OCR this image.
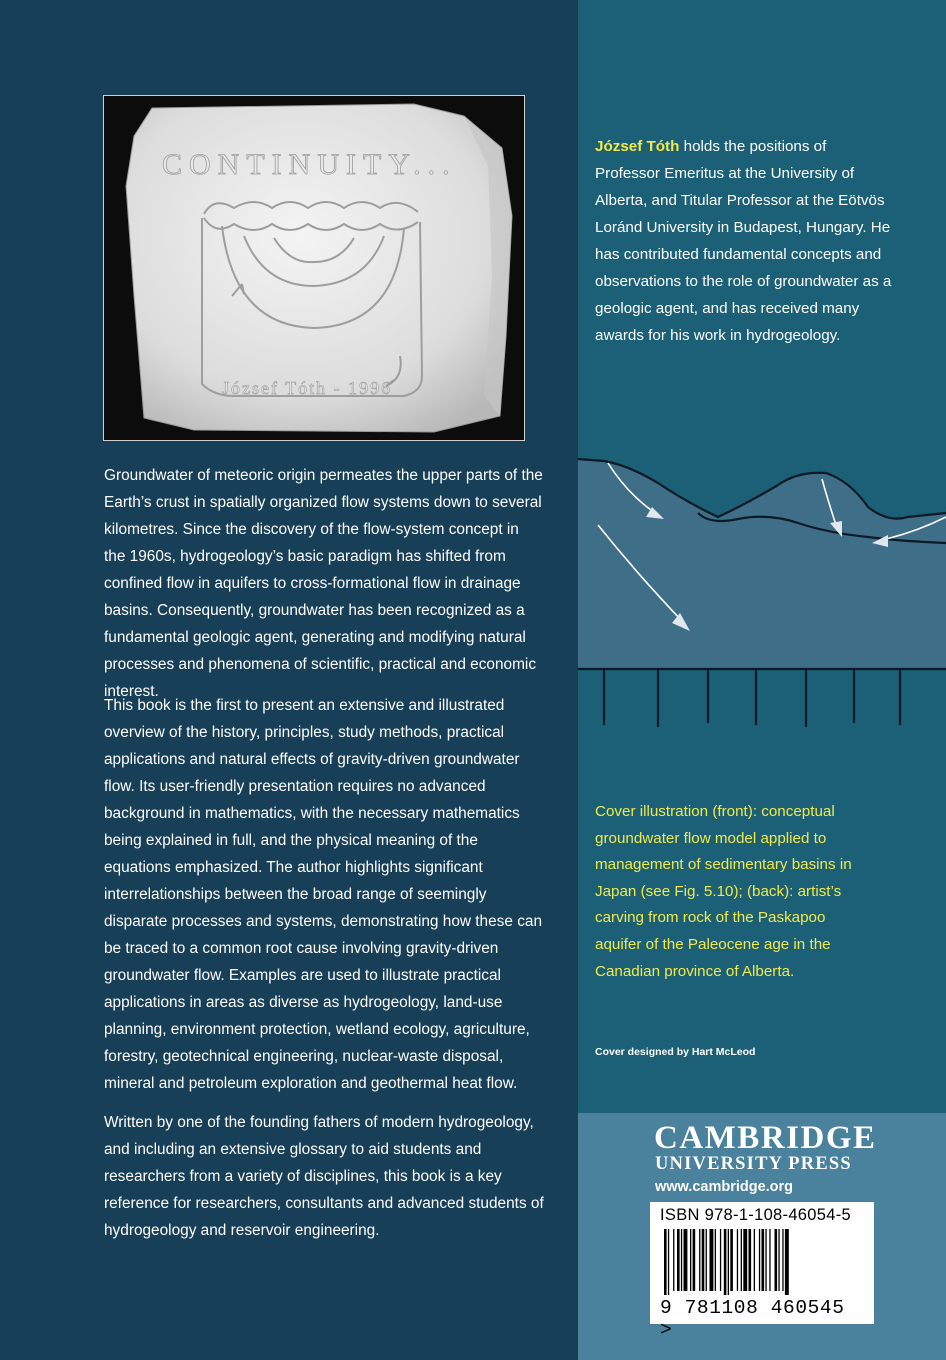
CONTINUITY...
József Tóth - 1996

Groundwater of meteoric origin permeates the upper parts of the Earth’s crust in spatially organized flow systems down to several kilometres. Since the discovery of the flow-system concept in the 1960s, hydrogeology’s basic paradigm has shifted from confined flow in aquifers to cross-formational flow in drainage basins. Consequently, groundwater has been recognized as a fundamental geologic agent, generating and modifying natural processes and phenomena of scientific, practical and economic interest.

This book is the first to present an extensive and illustrated overview of the history, principles, study methods, practical applications and natural effects of gravity-driven groundwater flow. Its user-friendly presentation requires no advanced background in mathematics, with the necessary mathematics being explained in full, and the physical meaning of the equations emphasized. The author highlights significant interrelationships between the broad range of seemingly disparate processes and systems, demonstrating how these can be traced to a common root cause involving gravity-driven groundwater flow. Examples are used to illustrate practical applications in areas as diverse as hydrogeology, land-use planning, environment protection, wetland ecology, agriculture, forestry, geotechnical engineering, nuclear-waste disposal, mineral and petroleum exploration and geothermal heat flow.

Written by one of the founding fathers of modern hydrogeology, and including an extensive glossary to aid students and researchers from a variety of disciplines, this book is a key reference for researchers, consultants and advanced students of hydrogeology and reservoir engineering.

József Tóth holds the positions of Professor Emeritus at the University of Alberta, and Titular Professor at the Eötvös Loránd University in Budapest, Hungary. He has contributed fundamental concepts and observations to the role of groundwater as a geologic agent, and has received many awards for his work in hydrogeology.

Cover illustration (front): conceptual groundwater flow model applied to management of sedimentary basins in Japan (see Fig. 5.10); (back): artist’s carving from rock of the Paskapoo aquifer of the Paleocene age in the Canadian province of Alberta.

Cover designed by Hart McLeod
CAMBRIDGE
UNIVERSITY PRESS
www.cambridge.org
ISBN 978-1-108-46054-5
9 781108 460545 >
